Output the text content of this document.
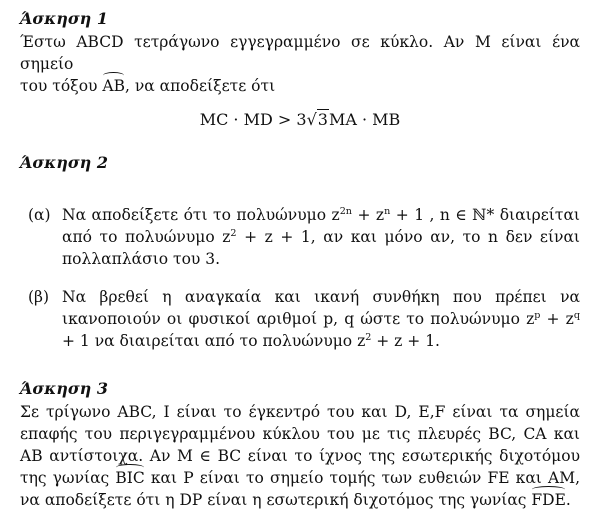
Άσκηση 1

Έστω ABCD τετράγωνο εγγεγραμμένο σε κύκλο. Αν M είναι ένα σημείο
του τόξου AB, να αποδείξετε ότι
MC · MD > 3√3MA · MB

Άσκηση 2

(α) Να αποδείξετε ότι το πολυώνυμο $z^{2n} + z^n + 1$ , n ∈ ℕ* διαιρείται από το πολυώνυμο $z^2 + z + 1$, αν και μόνο αν, το n δεν είναι πολλαπλάσιο του 3.
(β) Να βρεθεί η αναγκαία και ικανή συνθήκη που πρέπει να ικανοποιούν οι φυσικοί αριθμοί p, q ώστε το πολυώνυμο $z^p + z^q + 1$ να διαιρείται από το πολυώνυμο $z^2 + z + 1$.

Άσκηση 3

Σε τρίγωνο ABC, I είναι το έγκεντρό του και D, E,F είναι τα σημεία επαφής του περιγεγραμμένου κύκλου του με τις πλευρές BC, CA και AB αντίστοιχα. Αν M ∈ BC είναι το ίχνος της εσωτερικής διχοτόμου της γωνίας BIC και P είναι το σημείο τομής των ευθειών FE και AM, να αποδείξετε ότι η DP είναι η εσωτερική διχοτόμος της γωνίας FDE.
